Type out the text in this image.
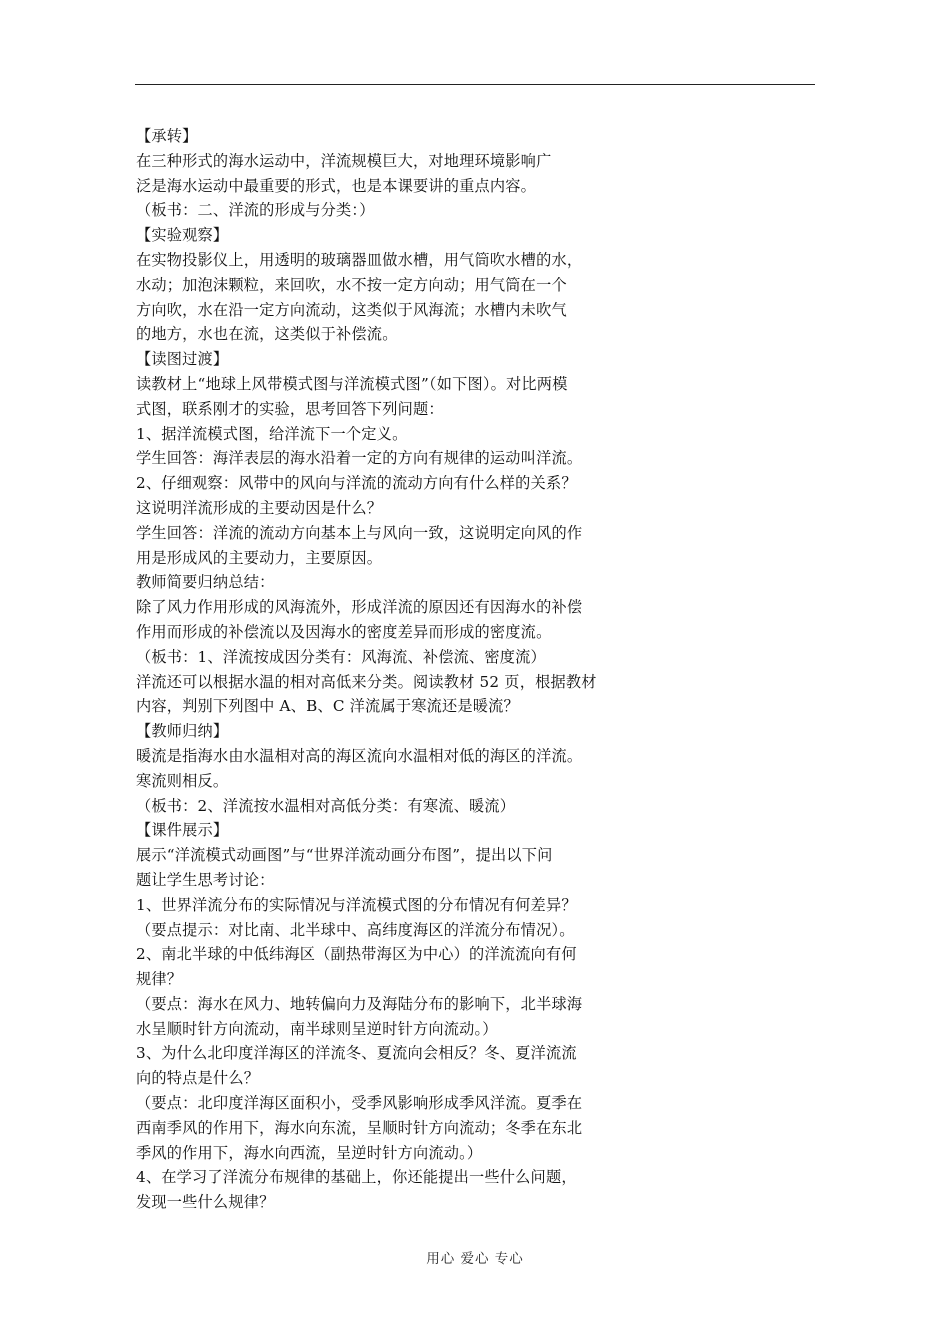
【承转】
在三种形式的海水运动中，洋流规模巨大，对地理环境影响广
泛是海水运动中最重要的形式，也是本课要讲的重点内容。
（板书：二、洋流的形成与分类：）
【实验观察】
在实物投影仪上，用透明的玻璃器皿做水槽，用气筒吹水槽的水，
水动；加泡沫颗粒，来回吹，水不按一定方向动；用气筒在一个
方向吹，水在沿一定方向流动，这类似于风海流；水槽内未吹气
的地方，水也在流，这类似于补偿流。
【读图过渡】
读教材上“地球上风带模式图与洋流模式图”（如下图）。对比两模
式图，联系刚才的实验，思考回答下列问题：
1、据洋流模式图，给洋流下一个定义。
学生回答：海洋表层的海水沿着一定的方向有规律的运动叫洋流。
2、仔细观察：风带中的风向与洋流的流动方向有什么样的关系？
这说明洋流形成的主要动因是什么？
学生回答：洋流的流动方向基本上与风向一致，这说明定向风的作
用是形成风的主要动力，主要原因。
教师简要归纳总结：
除了风力作用形成的风海流外，形成洋流的原因还有因海水的补偿
作用而形成的补偿流以及因海水的密度差异而形成的密度流。
（板书：1、洋流按成因分类有：风海流、补偿流、密度流）
洋流还可以根据水温的相对高低来分类。阅读教材 52 页，根据教材
内容，判别下列图中 A、B、C 洋流属于寒流还是暖流？
【教师归纳】
暖流是指海水由水温相对高的海区流向水温相对低的海区的洋流。
寒流则相反。
（板书：2、洋流按水温相对高低分类：有寒流、暖流）
【课件展示】
展示“洋流模式动画图”与“世界洋流动画分布图”，提出以下问
题让学生思考讨论：
1、世界洋流分布的实际情况与洋流模式图的分布情况有何差异？
（要点提示：对比南、北半球中、高纬度海区的洋流分布情况）。
2、南北半球的中低纬海区（副热带海区为中心）的洋流流向有何
规律？
（要点：海水在风力、地转偏向力及海陆分布的影响下，北半球海
水呈顺时针方向流动，南半球则呈逆时针方向流动。）
3、为什么北印度洋海区的洋流冬、夏流向会相反？冬、夏洋流流
向的特点是什么？
（要点：北印度洋海区面积小，受季风影响形成季风洋流。夏季在
西南季风的作用下，海水向东流，呈顺时针方向流动；冬季在东北
季风的作用下，海水向西流，呈逆时针方向流动。）
4、在学习了洋流分布规律的基础上，你还能提出一些什么问题，
发现一些什么规律？
用心 爱心 专心
